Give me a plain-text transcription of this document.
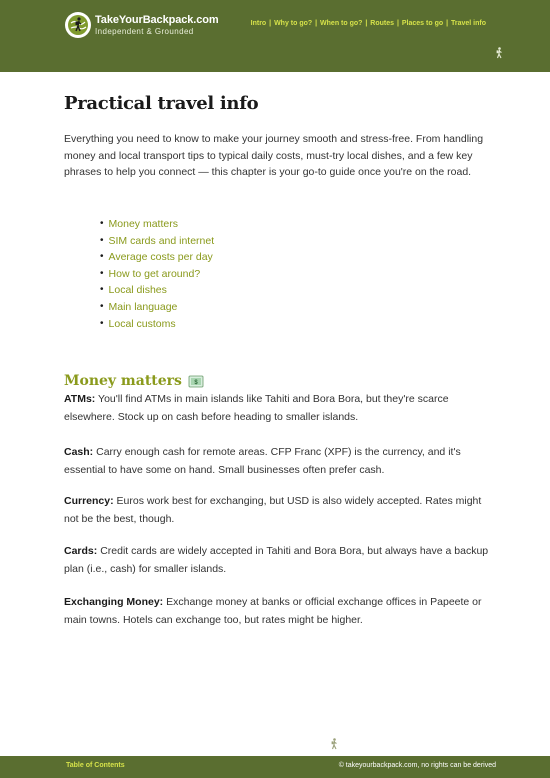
TakeYourBackpack.com
Independent & Grounded
Intro | Why to go? | When to go? | Routes | Places to go | Travel info
Practical travel info

Everything you need to know to make your journey smooth and stress-free. From handling money and local transport tips to typical daily costs, must-try local dishes, and a few key phrases to help you connect — this chapter is your go-to guide once you're on the road.

• Money matters
• SIM cards and internet
• Average costs per day
• How to get around?
• Local dishes
• Main language
• Local customs
Money matters $

ATMs: You'll find ATMs in main islands like Tahiti and Bora Bora, but they're scarce elsewhere. Stock up on cash before heading to smaller islands.

Cash: Carry enough cash for remote areas. CFP Franc (XPF) is the currency, and it's essential to have some on hand. Small businesses often prefer cash.

Currency: Euros work best for exchanging, but USD is also widely accepted. Rates might not be the best, though.

Cards: Credit cards are widely accepted in Tahiti and Bora Bora, but always have a backup plan (i.e., cash) for smaller islands.

Exchanging Money: Exchange money at banks or official exchange offices in Papeete or main towns. Hotels can exchange too, but rates might be higher.

Table of Contents	© takeyourbackpack.com, no rights can be derived
